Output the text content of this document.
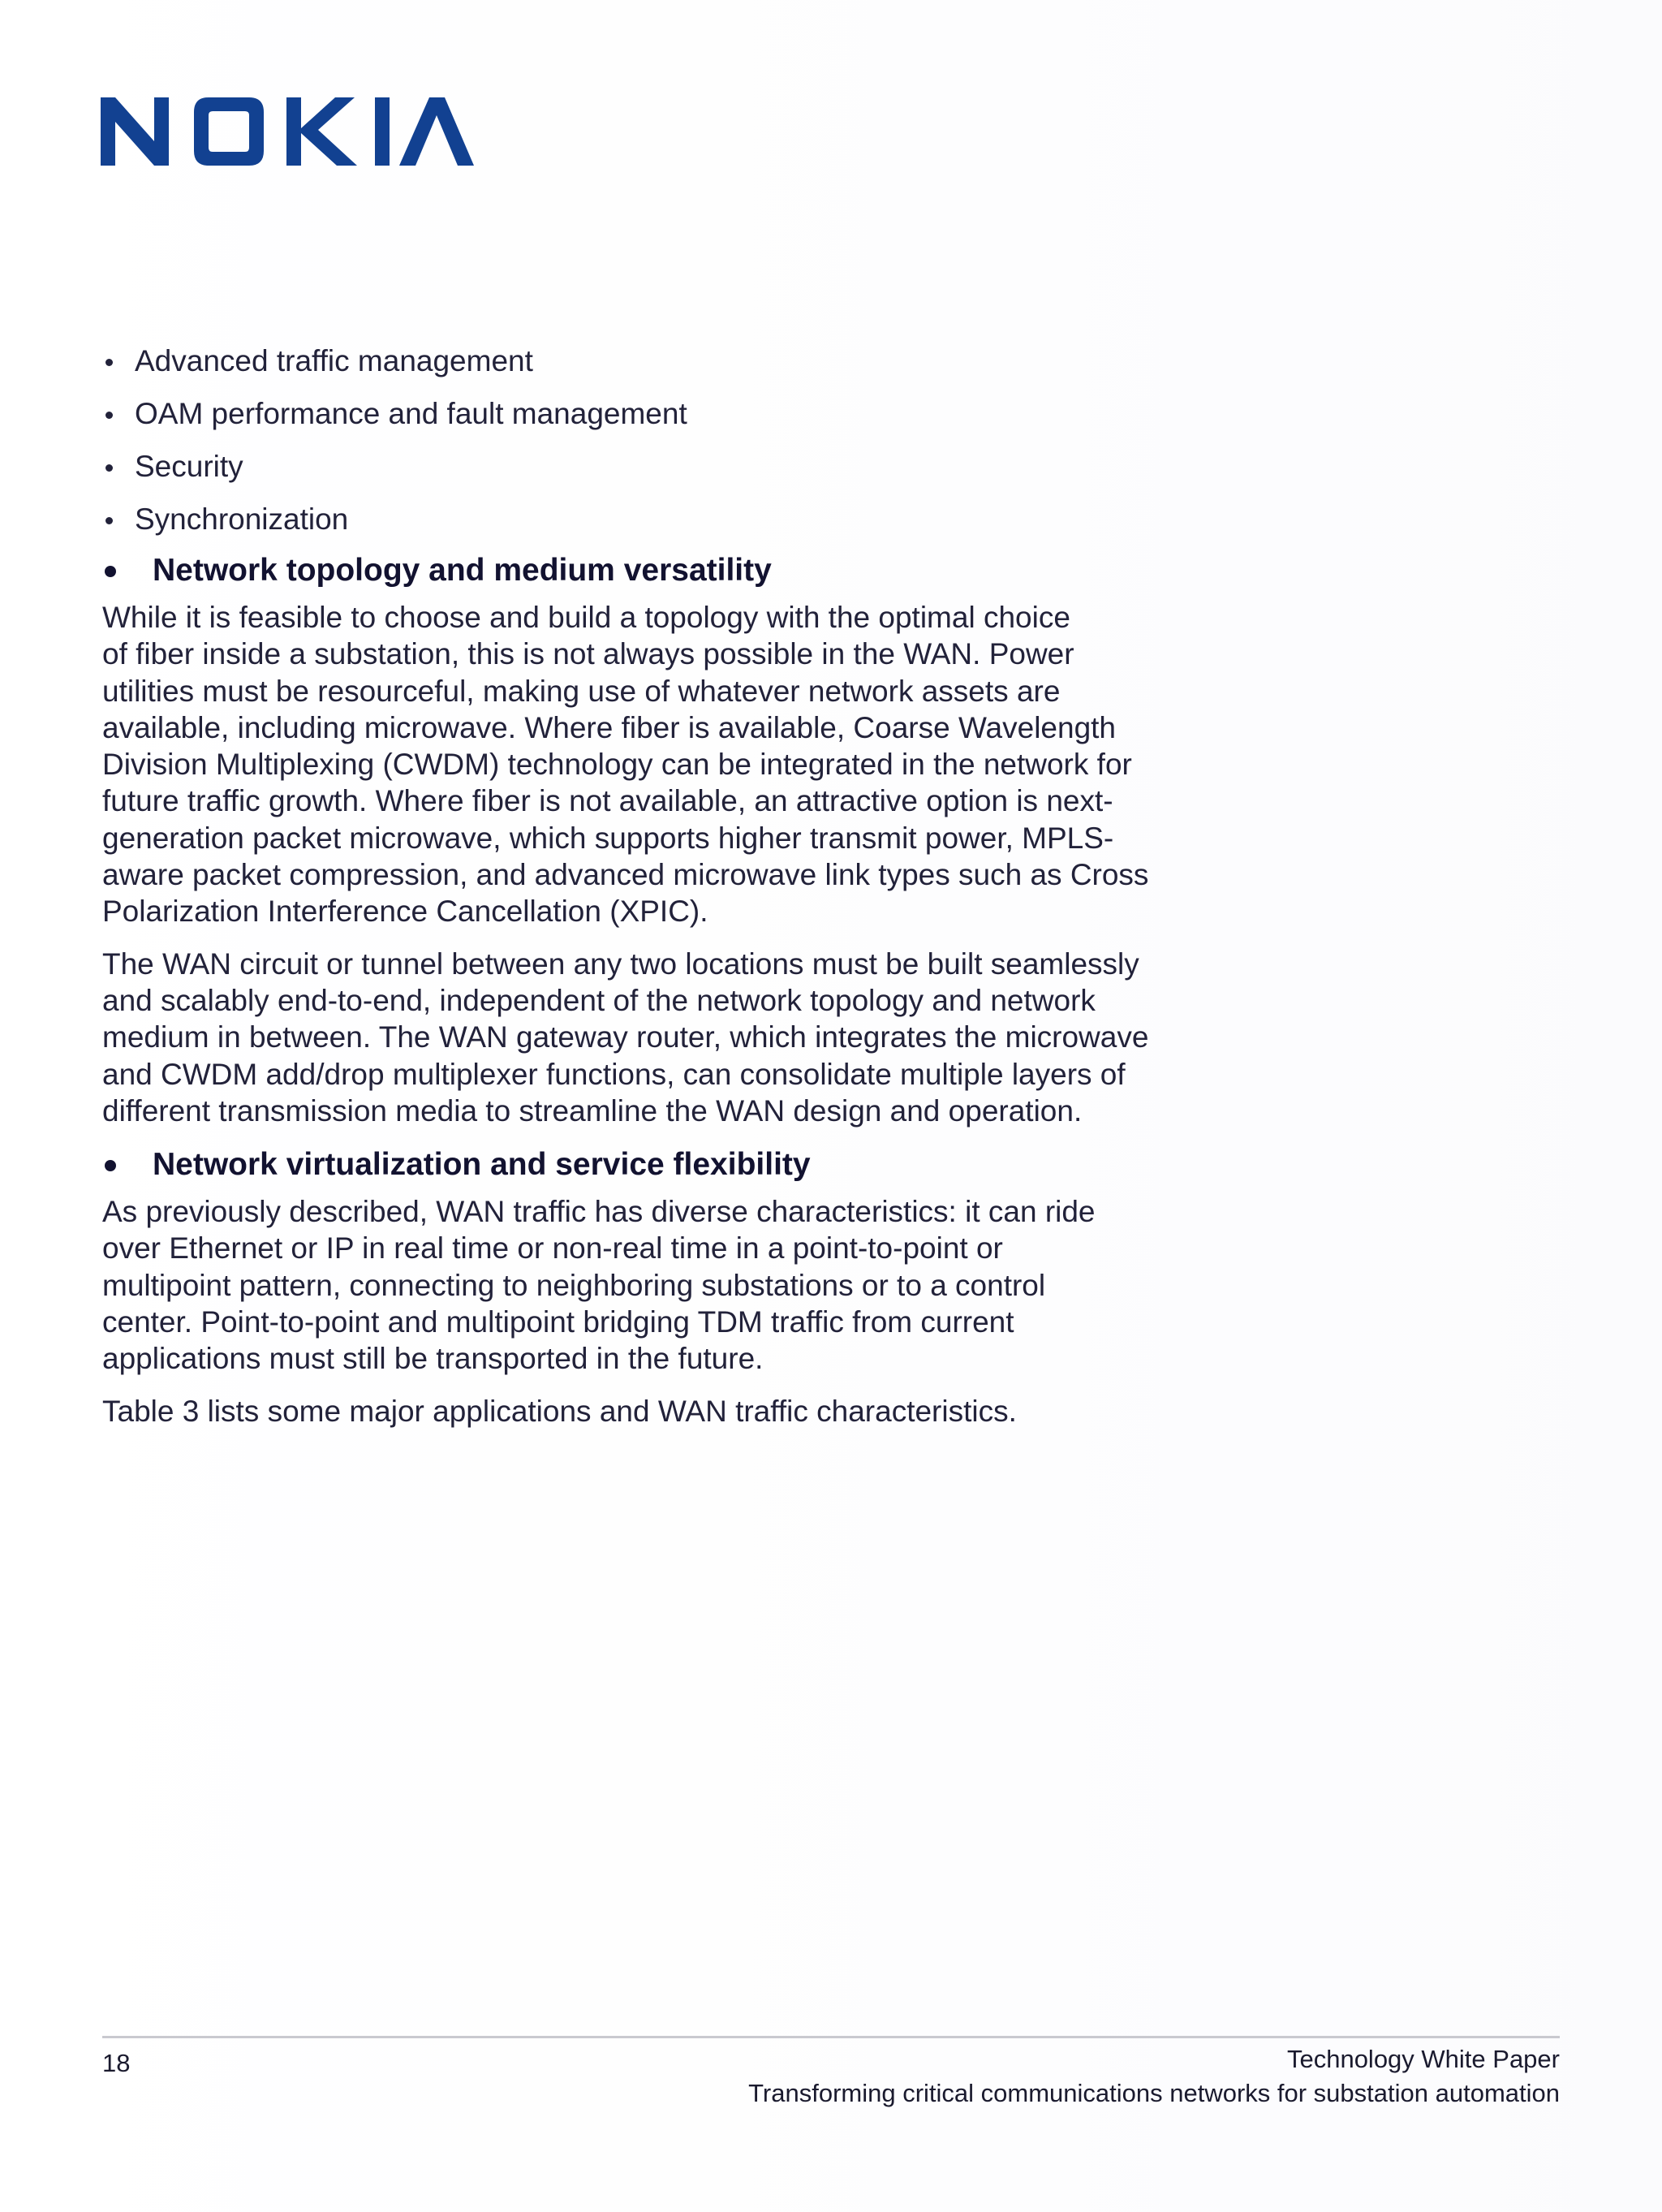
Advanced traffic management
OAM performance and fault management
Security
Synchronization
Network topology and medium versatility

While it is feasible to choose and build a topology with the optimal choice
of fiber inside a substation, this is not always possible in the WAN. Power
utilities must be resourceful, making use of whatever network assets are
available, including microwave. Where fiber is available, Coarse Wavelength
Division Multiplexing (CWDM) technology can be integrated in the network for
future traffic growth. Where fiber is not available, an attractive option is next-
generation packet microwave, which supports higher transmit power, MPLS-
aware packet compression, and advanced microwave link types such as Cross
Polarization Interference Cancellation (XPIC).

The WAN circuit or tunnel between any two locations must be built seamlessly
and scalably end-to-end, independent of the network topology and network
medium in between. The WAN gateway router, which integrates the microwave
and CWDM add/drop multiplexer functions, can consolidate multiple layers of
different transmission media to streamline the WAN design and operation.

Network virtualization and service flexibility

As previously described, WAN traffic has diverse characteristics: it can ride
over Ethernet or IP in real time or non-real time in a point-to-point or
multipoint pattern, connecting to neighboring substations or to a control
center. Point-to-point and multipoint bridging TDM traffic from current
applications must still be transported in the future.

Table 3 lists some major applications and WAN traffic characteristics.

18	Technology White Paper
Transforming critical communications networks for substation automation
